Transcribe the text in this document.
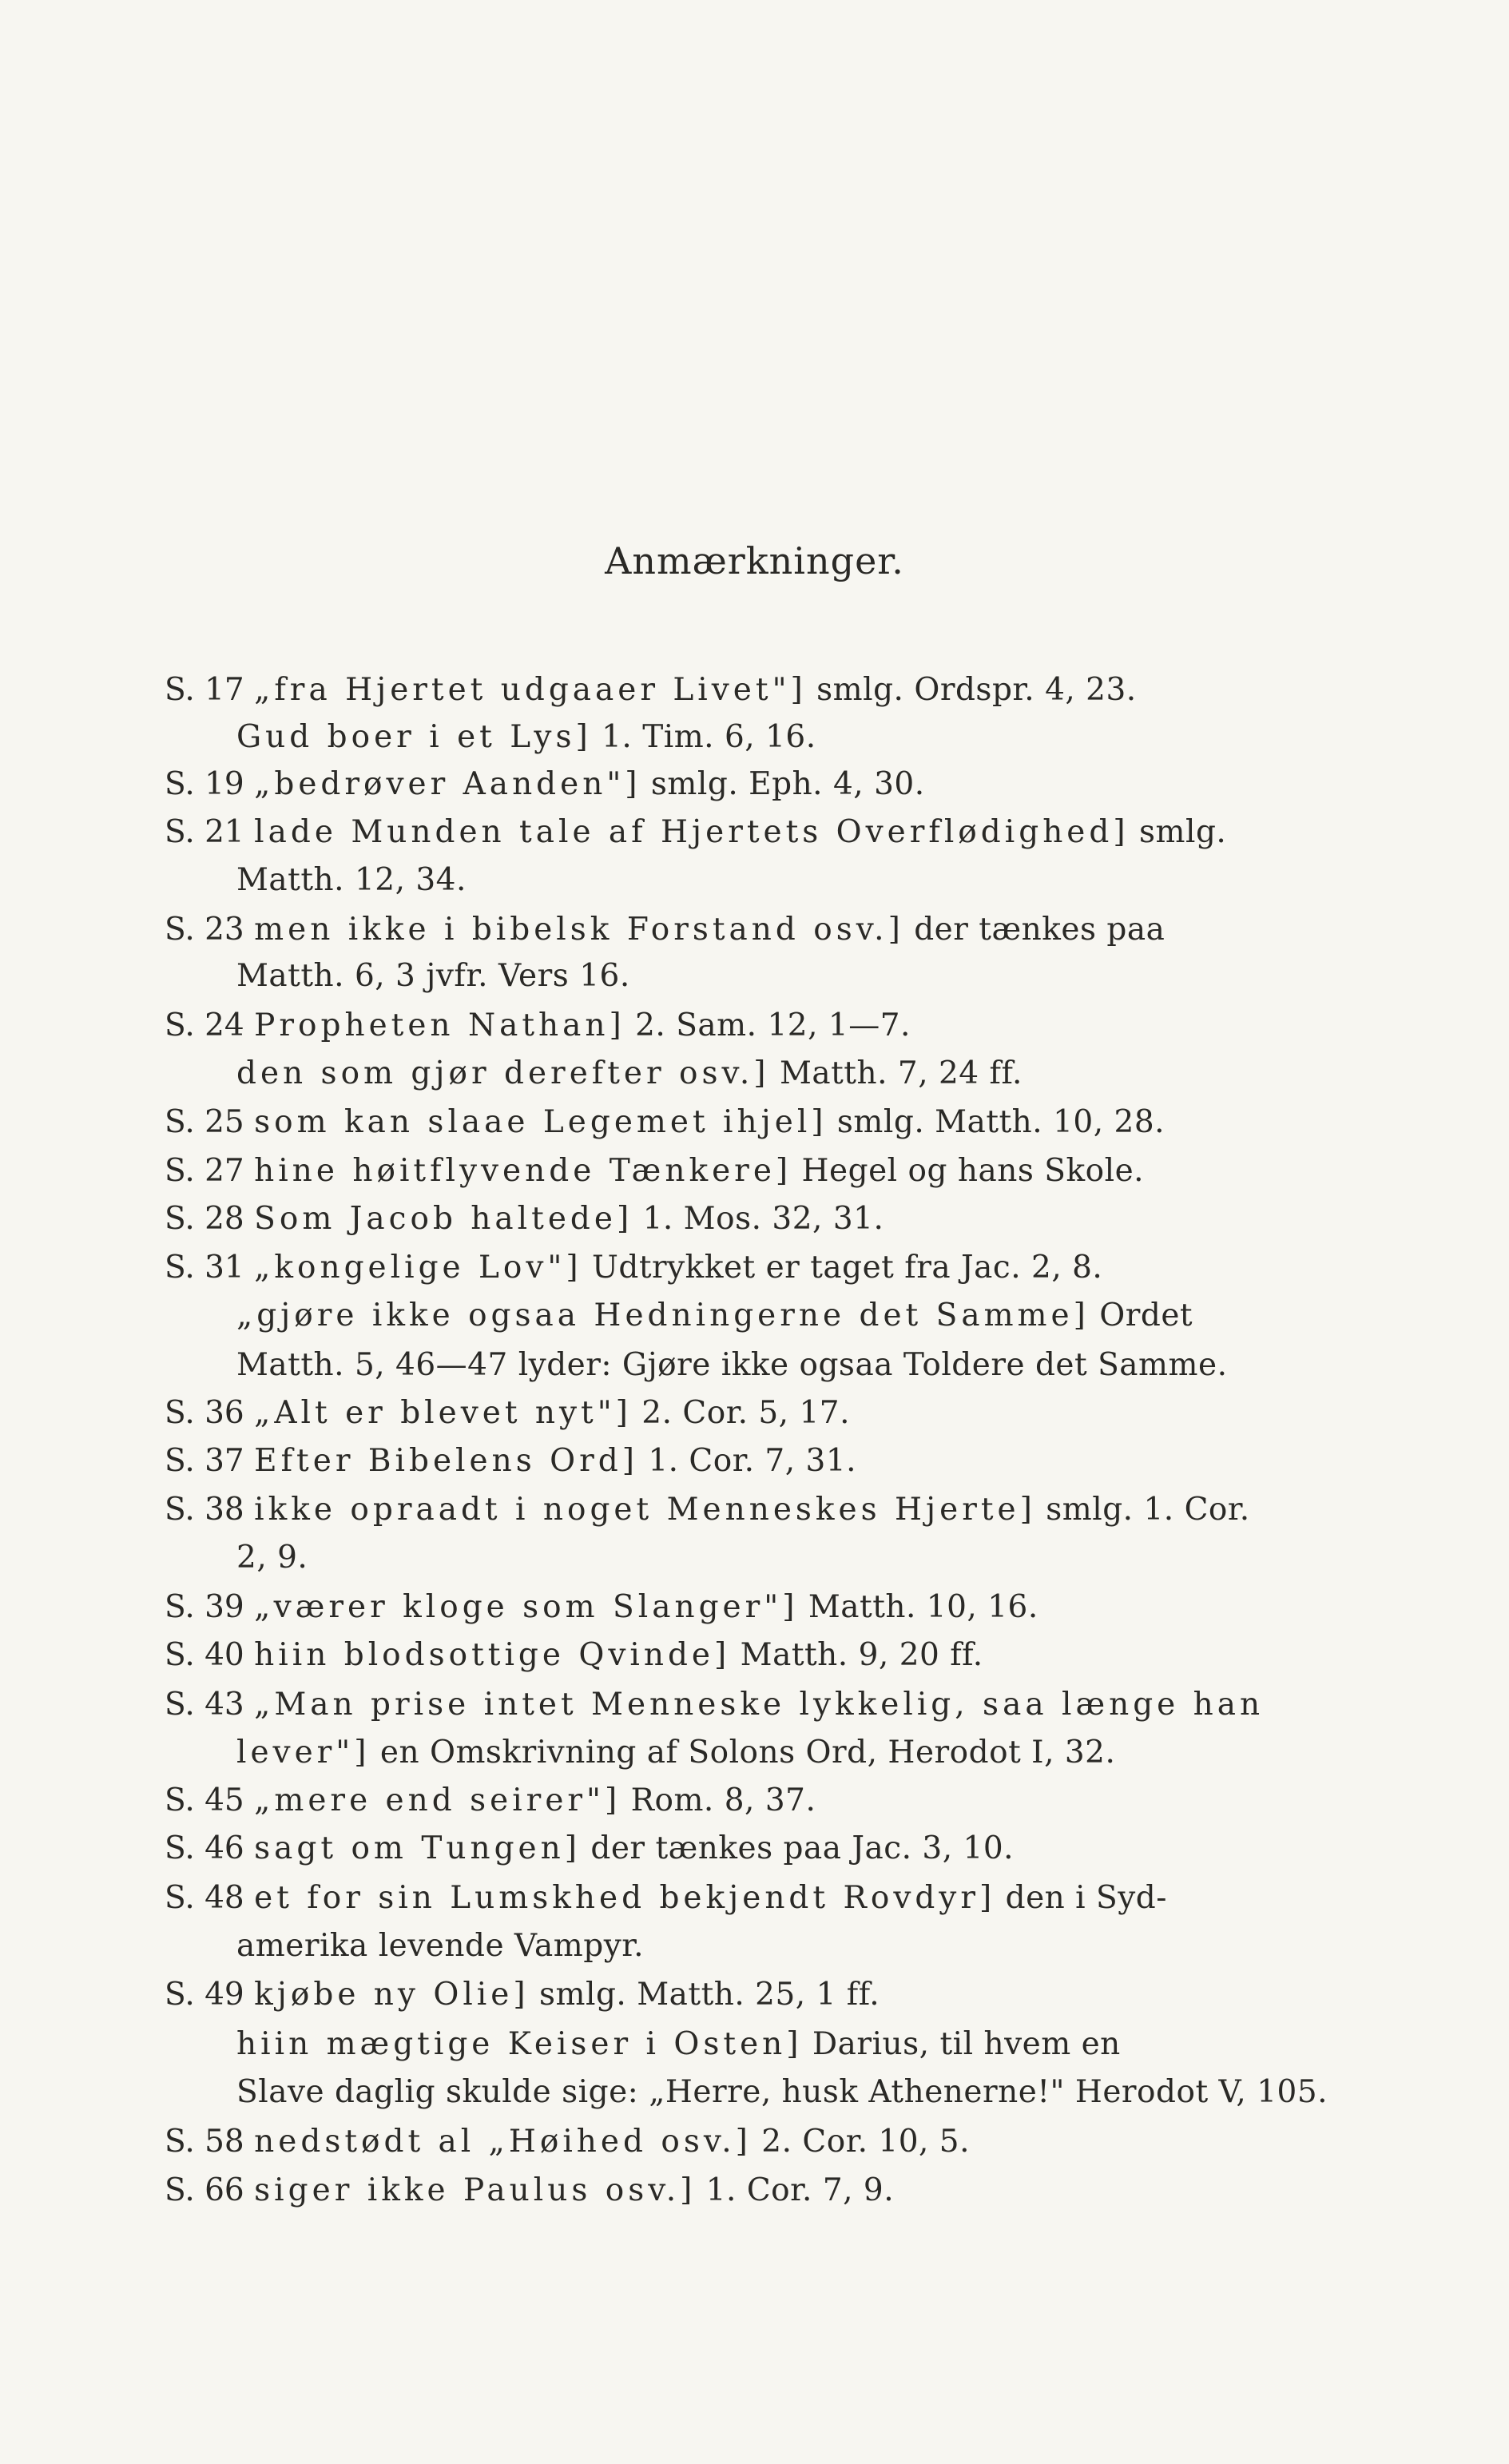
Anmærkninger.
S. 17 „fra Hjertet udgaaer Livet"] smlg. Ordspr. 4, 23.
Gud boer i et Lys] 1. Tim. 6, 16.
S. 19 „bedrøver Aanden"] smlg. Eph. 4, 30.
S. 21 lade Munden tale af Hjertets Overflødighed] smlg.
Matth. 12, 34.
S. 23 men ikke i bibelsk Forstand osv.] der tænkes paa
Matth. 6, 3 jvfr. Vers 16.
S. 24 Propheten Nathan] 2. Sam. 12, 1—7.
den som gjør derefter osv.] Matth. 7, 24 ff.
S. 25 som kan slaae Legemet ihjel] smlg. Matth. 10, 28.
S. 27 hine høitflyvende Tænkere] Hegel og hans Skole.
S. 28 Som Jacob haltede] 1. Mos. 32, 31.
S. 31 „kongelige Lov"] Udtrykket er taget fra Jac. 2, 8.
„gjøre ikke ogsaa Hedningerne det Samme] Ordet
Matth. 5, 46—47 lyder: Gjøre ikke ogsaa Toldere det Samme.
S. 36 „Alt er blevet nyt"] 2. Cor. 5, 17.
S. 37 Efter Bibelens Ord] 1. Cor. 7, 31.
S. 38 ikke opraadt i noget Menneskes Hjerte] smlg. 1. Cor.
2, 9.
S. 39 „værer kloge som Slanger"] Matth. 10, 16.
S. 40 hiin blodsottige Qvinde] Matth. 9, 20 ff.
S. 43 „Man prise intet Menneske lykkelig, saa længe han
lever"] en Omskrivning af Solons Ord, Herodot I, 32.
S. 45 „mere end seirer"] Rom. 8, 37.
S. 46 sagt om Tungen] der tænkes paa Jac. 3, 10.
S. 48 et for sin Lumskhed bekjendt Rovdyr] den i Syd-
amerika levende Vampyr.
S. 49 kjøbe ny Olie] smlg. Matth. 25, 1 ff.
hiin mægtige Keiser i Osten] Darius, til hvem en
Slave daglig skulde sige: „Herre, husk Athenerne!" Herodot V, 105.
S. 58 nedstødt al „Høihed osv.] 2. Cor. 10, 5.
S. 66 siger ikke Paulus osv.] 1. Cor. 7, 9.
